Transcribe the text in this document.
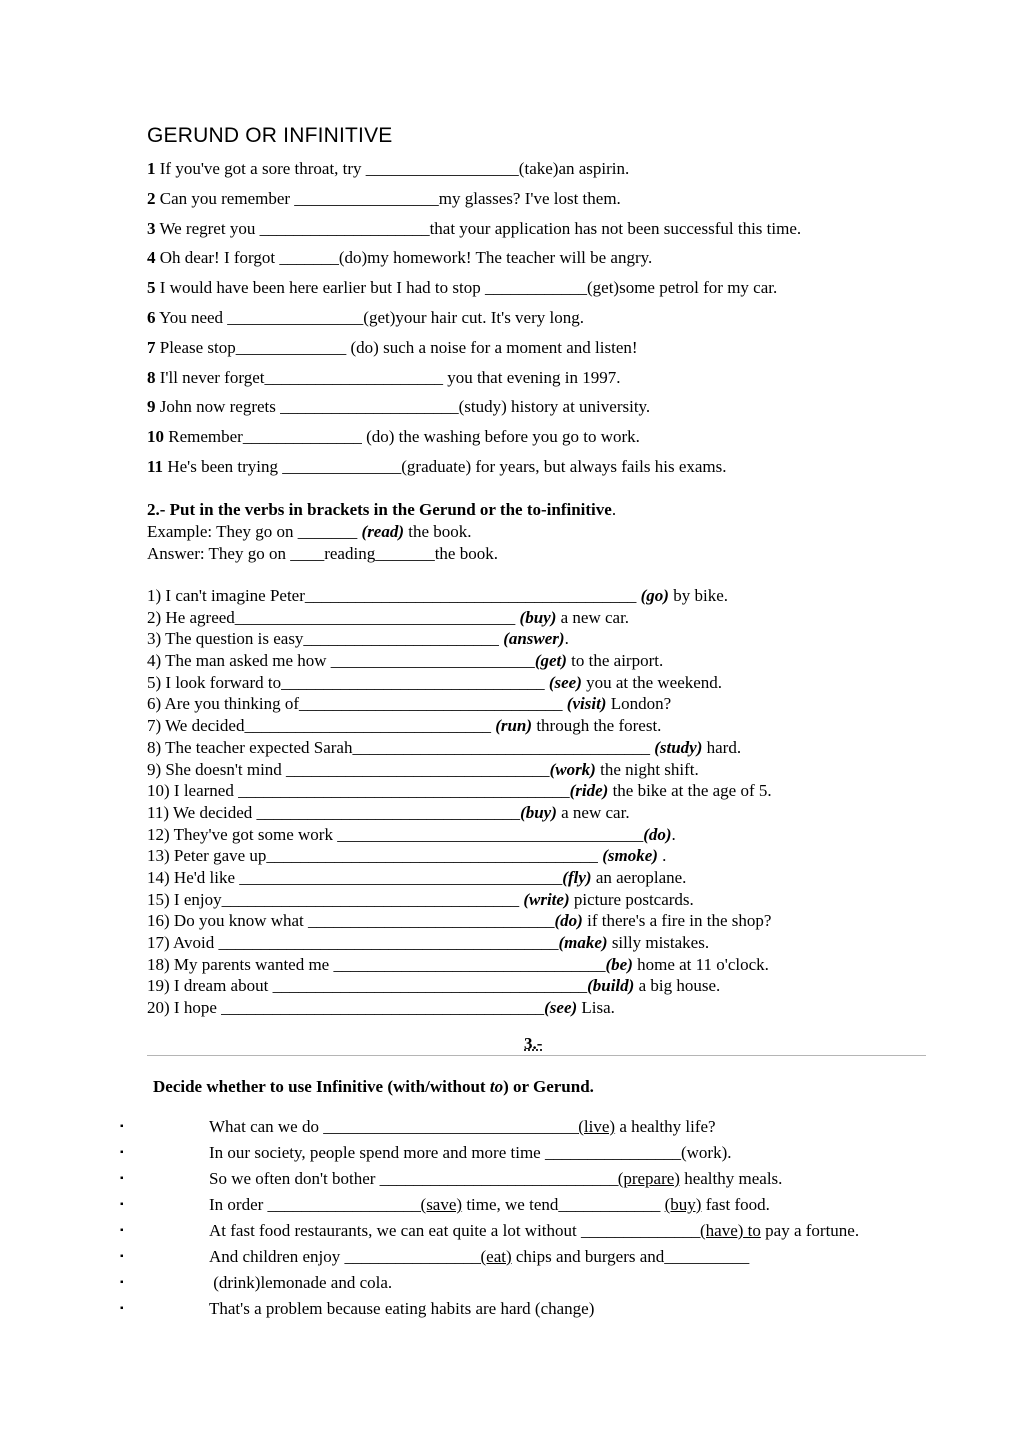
GERUND OR INFINITIVE
1 If you've got a sore throat, try __________________(take)an aspirin.
2 Can you remember _________________my glasses? I've lost them.
3 We regret you ____________________that your application has not been successful this time.
4 Oh dear! I forgot _______(do)my homework! The teacher will be angry.
5 I would have been here earlier but I had to stop ____________(get)some petrol for my car.
6 You need ________________(get)your hair cut. It's very long.
7 Please stop_____________ (do) such a noise for a moment and listen!
8 I'll never forget_____________________ you that evening in 1997.
9 John now regrets _____________________(study) history at university.
10 Remember______________ (do) the washing before you go to work.
11 He's been trying ______________(graduate) for years, but always fails his exams.
2.- Put in the verbs in brackets in the Gerund or the to-infinitive.
Example: They go on _______ (read) the book.
Answer: They go on ____reading_______the book.
1) I can't imagine Peter_______________________________________ (go) by bike.
2) He agreed_________________________________ (buy) a new car.
3) The question is easy_______________________ (answer).
4) The man asked me how ________________________(get) to the airport.
5) I look forward to_______________________________ (see) you at the weekend.
6) Are you thinking of_______________________________ (visit) London?
7) We decided_____________________________ (run) through the forest.
8) The teacher expected Sarah___________________________________ (study) hard.
9) She doesn't mind _______________________________(work) the night shift.
10) I learned _______________________________________(ride) the bike at the age of 5.
11) We decided _______________________________(buy) a new car.
12) They've got some work ____________________________________(do).
13) Peter gave up_______________________________________ (smoke) .
14) He'd like ______________________________________(fly) an aeroplane.
15) I enjoy___________________________________ (write) picture postcards.
16) Do you know what _____________________________(do) if there's a fire in the shop?
17) Avoid ________________________________________(make) silly mistakes.
18) My parents wanted me ________________________________(be) home at 11 o'clock.
19) I dream about _____________________________________(build) a big house.
20) I hope ______________________________________(see) Lisa.
3.-
Decide whether to use Infinitive (with/without to) or Gerund.
▪	What can we do ______________________________(live) a healthy life?
▪	In our society, people spend more and more time ________________(work).
▪	So we often don't bother ____________________________(prepare) healthy meals.
▪	In order __________________(save) time, we tend____________ (buy) fast food.
▪	At fast food restaurants, we can eat quite a lot without ______________(have) to pay a fortune.
▪	And children enjoy ________________(eat) chips and burgers and__________
▪	(drink)lemonade and cola.
▪	That's a problem because eating habits are hard (change)
